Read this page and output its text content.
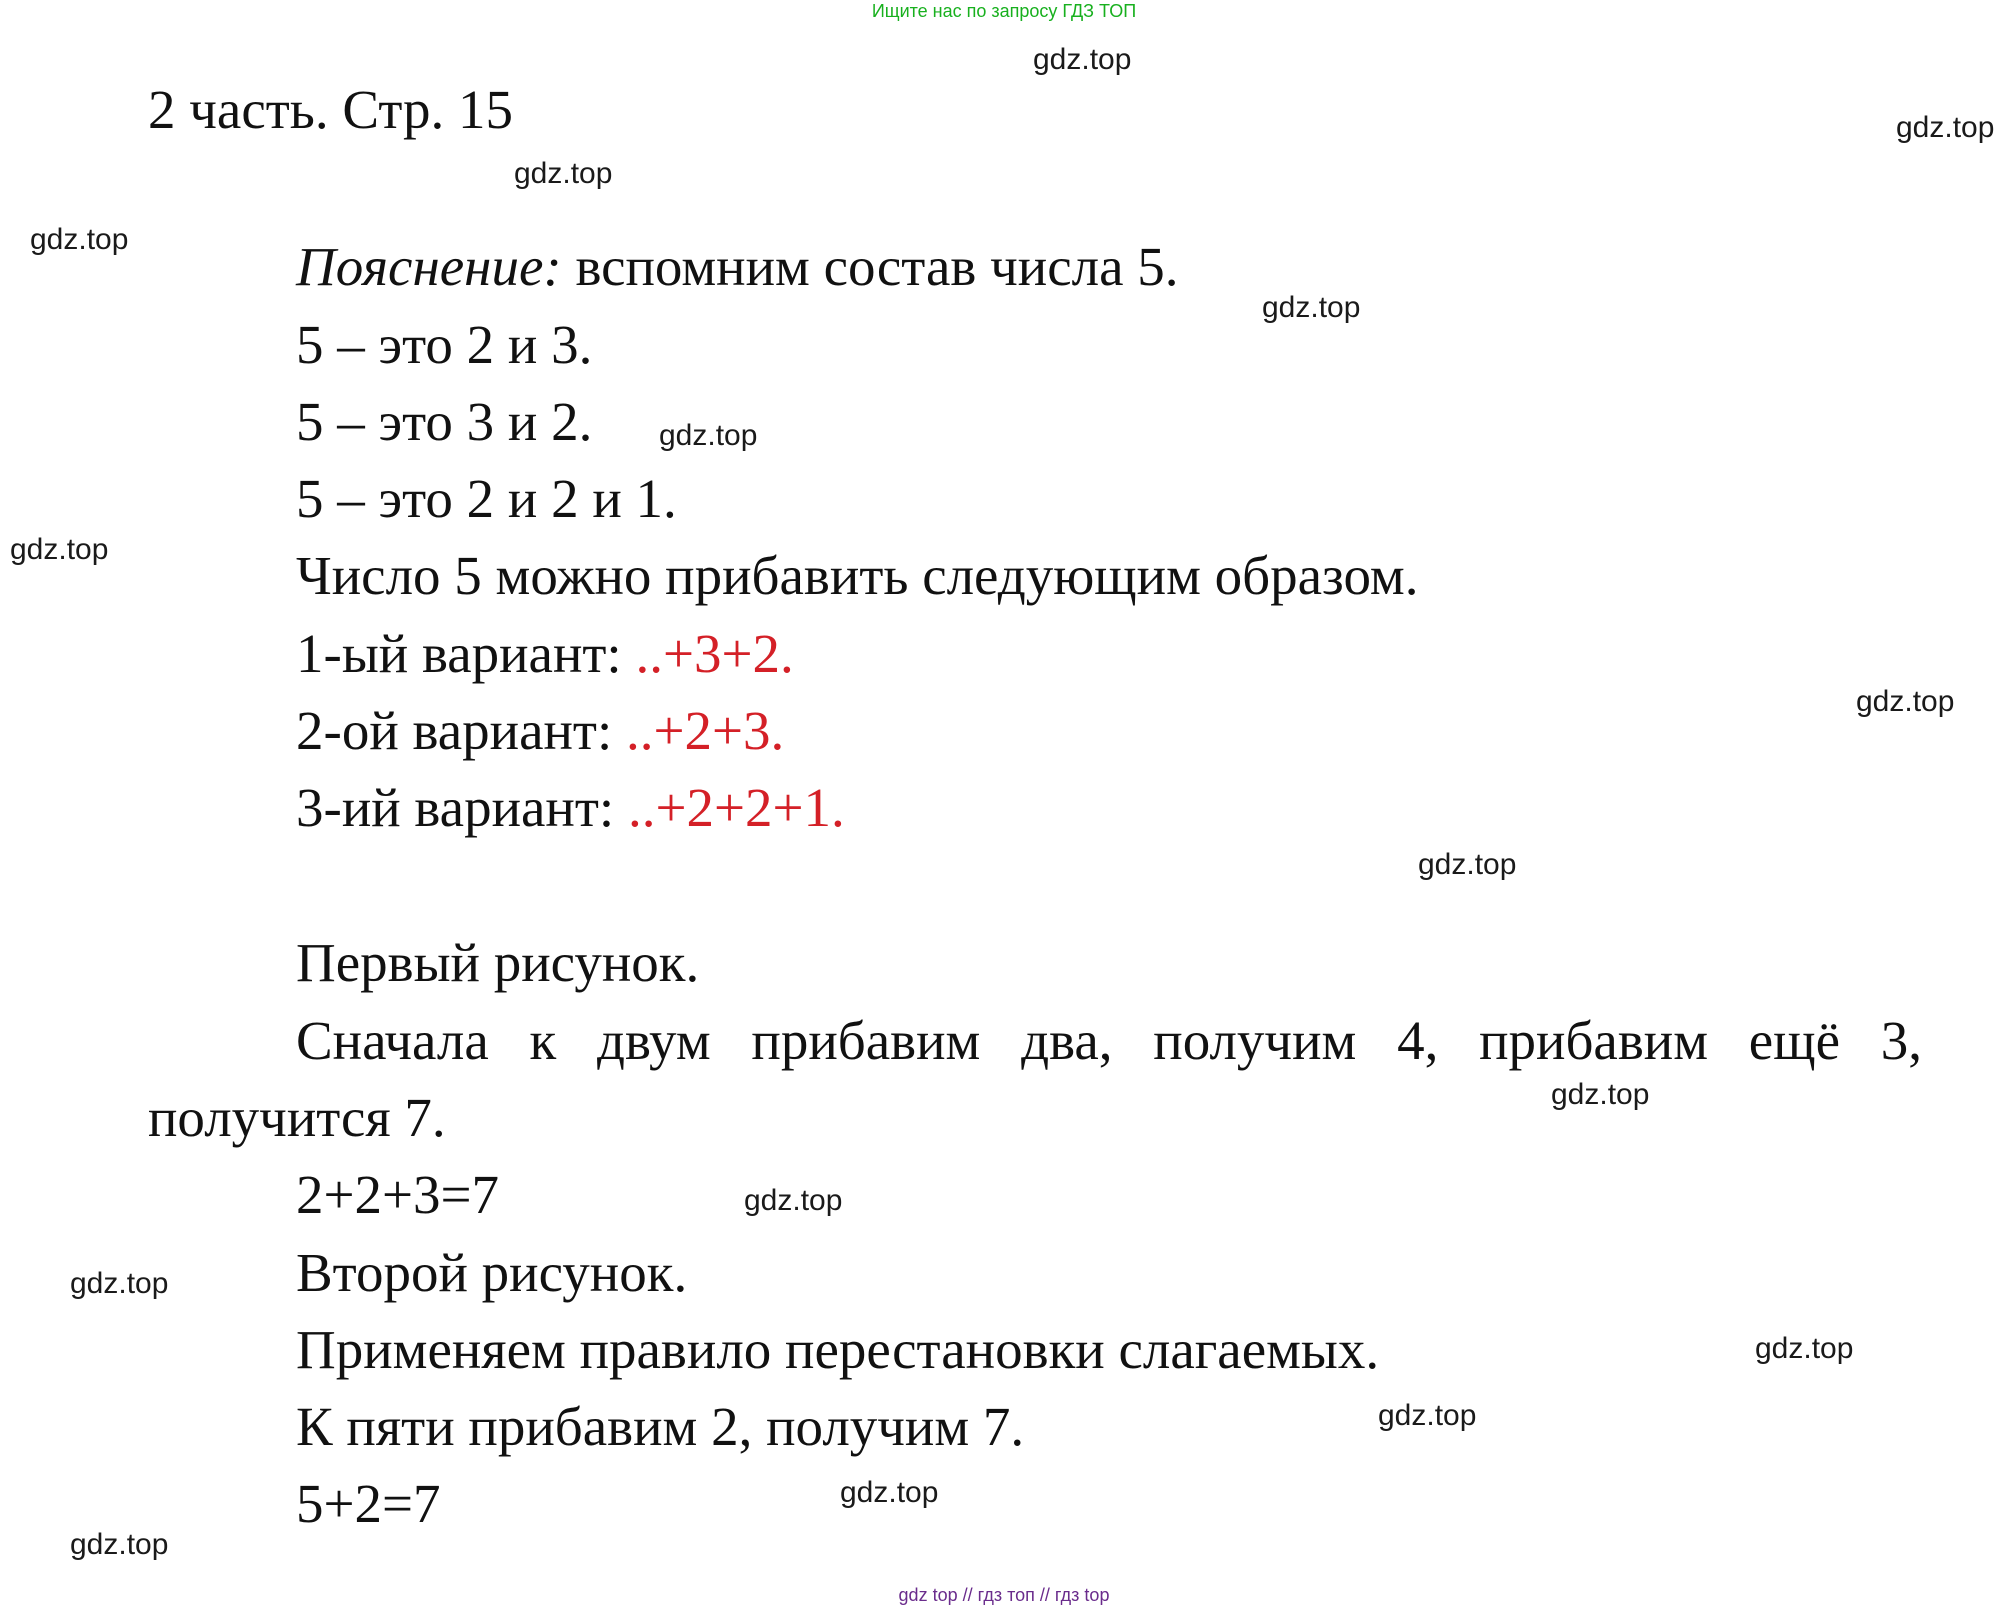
Ищите нас по запросу ГДЗ ТОП
2 часть. Стр. 15
Пояснение: вспомним состав числа 5.
5 – это 2 и 3.
5 – это 3 и 2.
5 – это 2 и 2 и 1.
Число 5 можно прибавить следующим образом.
1-ый вариант: ..+3+2.
2-ой вариант: ..+2+3.
3-ий вариант: ..+2+2+1.
Первый рисунок.
Сначала к двум прибавим два, получим 4, прибавим ещё 3,
получится 7.
2+2+3=7
Второй рисунок.
Применяем правило перестановки слагаемых.
К пяти прибавим 2, получим 7.
5+2=7
gdz.top
gdz.top
gdz.top
gdz.top
gdz.top
gdz.top
gdz.top
gdz.top
gdz.top
gdz.top
gdz.top
gdz.top
gdz.top
gdz.top
gdz.top
gdz.top
gdz top // гдз топ // гдз top
